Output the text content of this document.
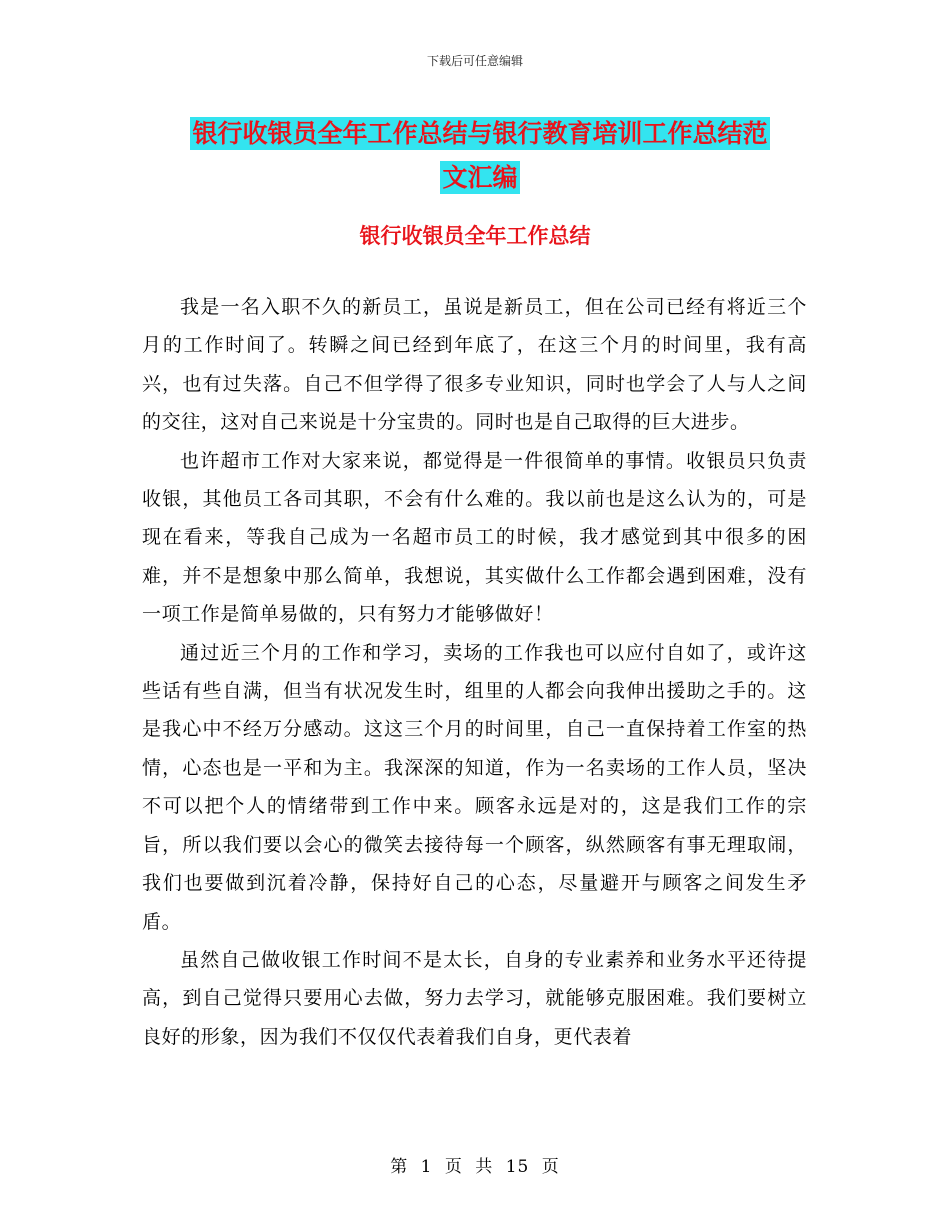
下载后可任意编辑
银行收银员全年工作总结与银行教育培训工作总结范
文汇编
银行收银员全年工作总结

我是一名入职不久的新员工，虽说是新员工，但在公司已经有将近三个月的工作时间了。转瞬之间已经到年底了，在这三个月的时间里，我有高兴，也有过失落。自己不但学得了很多专业知识，同时也学会了人与人之间的交往，这对自己来说是十分宝贵的。同时也是自己取得的巨大进步。

也许超市工作对大家来说，都觉得是一件很简单的事情。收银员只负责收银，其他员工各司其职，不会有什么难的。我以前也是这么认为的，可是现在看来，等我自己成为一名超市员工的时候，我才感觉到其中很多的困难，并不是想象中那么简单，我想说，其实做什么工作都会遇到困难，没有一项工作是简单易做的，只有努力才能够做好！

通过近三个月的工作和学习，卖场的工作我也可以应付自如了，或许这些话有些自满，但当有状况发生时，组里的人都会向我伸出援助之手的。这是我心中不经万分感动。这这三个月的时间里，自己一直保持着工作室的热情，心态也是一平和为主。我深深的知道，作为一名卖场的工作人员，坚决不可以把个人的情绪带到工作中来。顾客永远是对的，这是我们工作的宗旨，所以我们要以会心的微笑去接待每一个顾客，纵然顾客有事无理取闹，我们也要做到沉着冷静，保持好自己的心态，尽量避开与顾客之间发生矛盾。

虽然自己做收银工作时间不是太长，自身的专业素养和业务水平还待提高，到自己觉得只要用心去做，努力去学习，就能够克服困难。我们要树立良好的形象，因为我们不仅仅代表着我们自身，更代表着

第 1 页 共 15 页
